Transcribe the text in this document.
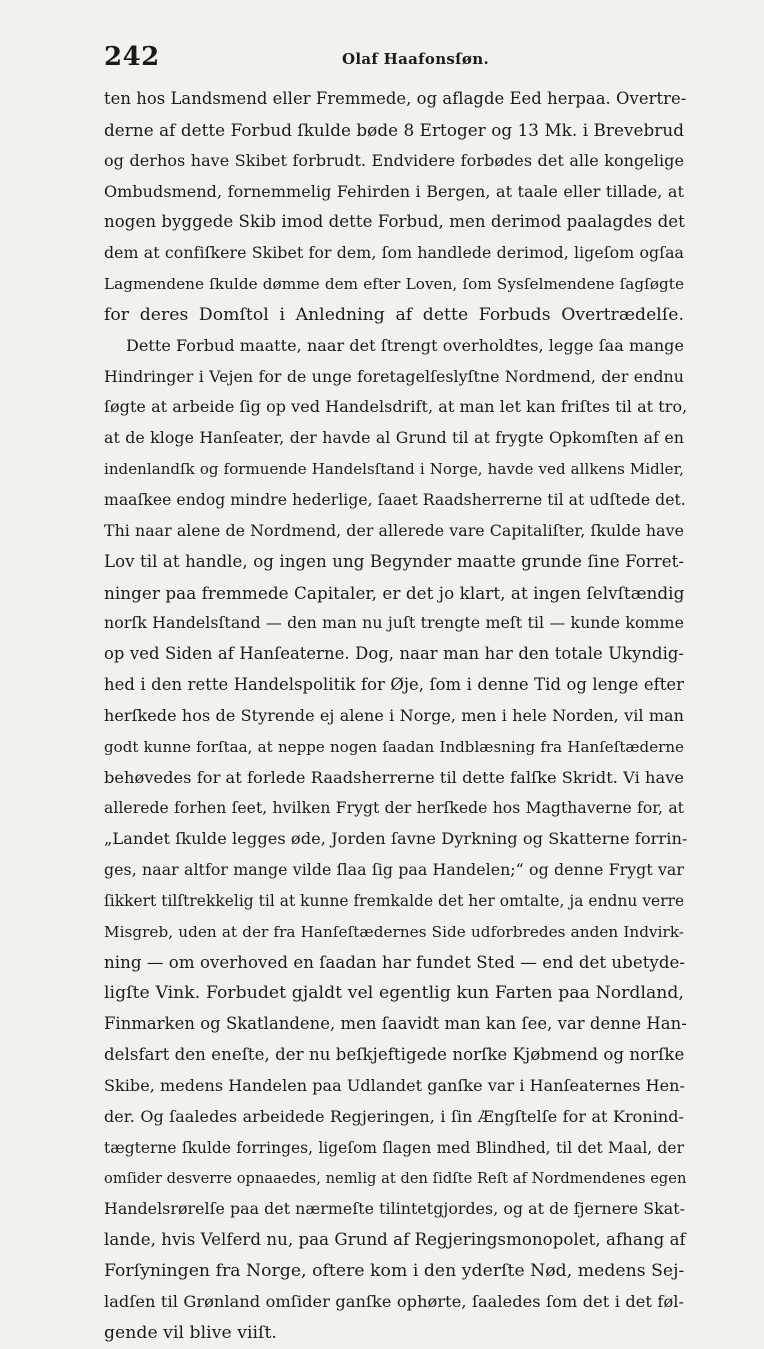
242	Olaf Haafonsſøn.
ten hos Landsmend eller Fremmede, og aflagde Eed herpaa. Overtre-
derne af dette Forbud ſkulde bøde 8 Ertoger og 13 Mk. i Brevebrud
og derhos have Skibet forbrudt. Endvidere forbødes det alle kongelige
Ombudsmend, fornemmelig Fehirden i Bergen, at taale eller tillade, at
nogen byggede Skib imod dette Forbud, men derimod paalagdes det
dem at confiſkere Skibet for dem, ſom handlede derimod, ligeſom ogſaa
Lagmendene ſkulde dømme dem efter Loven, ſom Sysſelmendene ſagſøgte
for deres Domſtol i Anledning af dette Forbuds Overtrædelſe.
Dette Forbud maatte, naar det ſtrengt overholdtes, legge ſaa mange
Hindringer i Vejen for de unge foretagelſeslyſtne Nordmend, der endnu
ſøgte at arbeide ſig op ved Handelsdrift, at man let kan friſtes til at tro,
at de kloge Hanſeater, der havde al Grund til at frygte Opkomſten af en
indenlandſk og formuende Handelsſtand i Norge, havde ved allkens Midler,
maaſkee endog mindre hederlige, ſaaet Raadsherrerne til at udſtede det.
Thi naar alene de Nordmend, der allerede vare Capitaliſter, ſkulde have
Lov til at handle, og ingen ung Begynder maatte grunde ſine Forret-
ninger paa fremmede Capitaler, er det jo klart, at ingen ſelvſtændig
norſk Handelsſtand — den man nu juſt trengte meſt til — kunde komme
op ved Siden af Hanſeaterne. Dog, naar man har den totale Ukyndig-
hed i den rette Handelspolitik for Øje, ſom i denne Tid og lenge efter
herſkede hos de Styrende ej alene i Norge, men i hele Norden, vil man
godt kunne forſtaa, at neppe nogen ſaadan Indblæsning fra Hanſeſtæderne
behøvedes for at forlede Raadsherrerne til dette falſke Skridt. Vi have
allerede forhen ſeet, hvilken Frygt der herſkede hos Magthaverne for, at
„Landet ſkulde legges øde, Jorden ſavne Dyrkning og Skatterne forrin-
ges, naar altfor mange vilde ſlaa ſig paa Handelen;“ og denne Frygt var
ſikkert tilſtrekkelig til at kunne fremkalde det her omtalte, ja endnu verre
Misgreb, uden at der fra Hanſeſtædernes Side udforbredes anden Indvirk-
ning — om overhoved en ſaadan har fundet Sted — end det ubetyde-
ligſte Vink. Forbudet gjaldt vel egentlig kun Farten paa Nordland,
Finmarken og Skatlandene, men ſaavidt man kan ſee, var denne Han-
delsfart den eneſte, der nu beſkjeftigede norſke Kjøbmend og norſke
Skibe, medens Handelen paa Udlandet ganſke var i Hanſeaternes Hen-
der. Og ſaaledes arbeidede Regjeringen, i ſin Ængſtelſe for at Kronind-
tægterne ſkulde forringes, ligeſom ſlagen med Blindhed, til det Maal, der
omſider desverre opnaaedes, nemlig at den ſidſte Reſt af Nordmendenes egen
Handelsrørelſe paa det nærmeſte tilintetgjordes, og at de fjernere Skat-
lande, hvis Velferd nu, paa Grund af Regjeringsmonopolet, afhang af
Forſyningen fra Norge, oftere kom i den yderſte Nød, medens Sej-
ladſen til Grønland omſider ganſke ophørte, ſaaledes ſom det i det føl-
gende vil blive viiſt.
